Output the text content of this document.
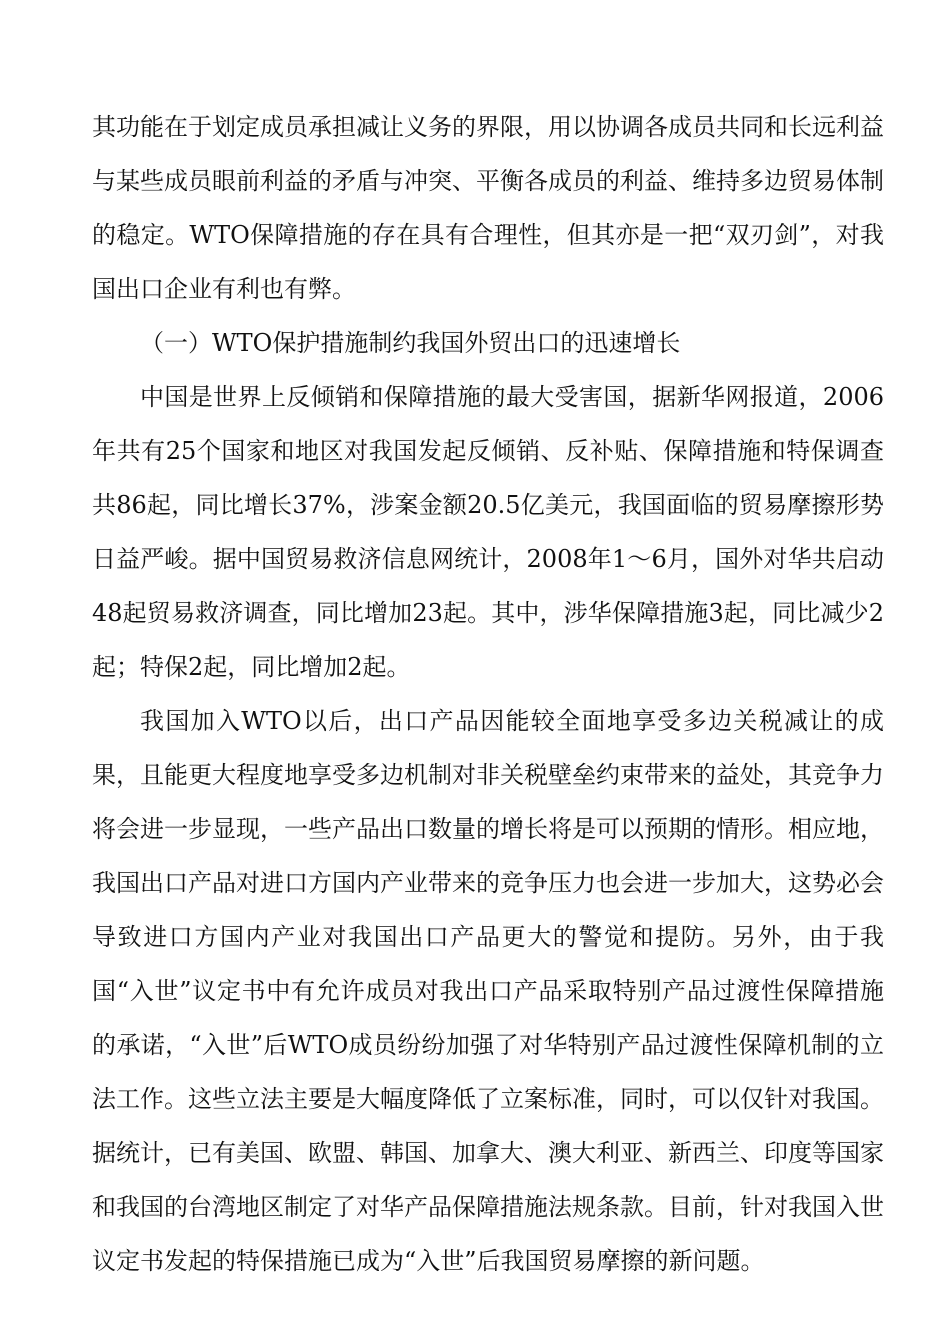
其功能在于划定成员承担减让义务的界限，用以协调各成员共同和长远利益与某些成员眼前利益的矛盾与冲突、平衡各成员的利益、维持多边贸易体制的稳定。WTO保障措施的存在具有合理性，但其亦是一把“双刃剑”，对我国出口企业有利也有弊。

（一）WTO保护措施制约我国外贸出口的迅速增长

中国是世界上反倾销和保障措施的最大受害国，据新华网报道，2006年共有25个国家和地区对我国发起反倾销、反补贴、保障措施和特保调查共86起，同比增长37%，涉案金额20.5亿美元，我国面临的贸易摩擦形势日益严峻。据中国贸易救济信息网统计，2008年1～6月，国外对华共启动48起贸易救济调查，同比增加23起。其中，涉华保障措施3起，同比减少2起；特保2起，同比增加2起。

我国加入WTO以后，出口产品因能较全面地享受多边关税减让的成果，且能更大程度地享受多边机制对非关税壁垒约束带来的益处，其竞争力将会进一步显现，一些产品出口数量的增长将是可以预期的情形。相应地，我国出口产品对进口方国内产业带来的竞争压力也会进一步加大，这势必会导致进口方国内产业对我国出口产品更大的警觉和提防。另外，由于我国“入世”议定书中有允许成员对我出口产品采取特别产品过渡性保障措施的承诺，“入世”后WTO成员纷纷加强了对华特别产品过渡性保障机制的立法工作。这些立法主要是大幅度降低了立案标准，同时，可以仅针对我国。据统计，已有美国、欧盟、韩国、加拿大、澳大利亚、新西兰、印度等国家和我国的台湾地区制定了对华产品保障措施法规条款。目前，针对我国入世议定书发起的特保措施已成为“入世”后我国贸易摩擦的新问题。
